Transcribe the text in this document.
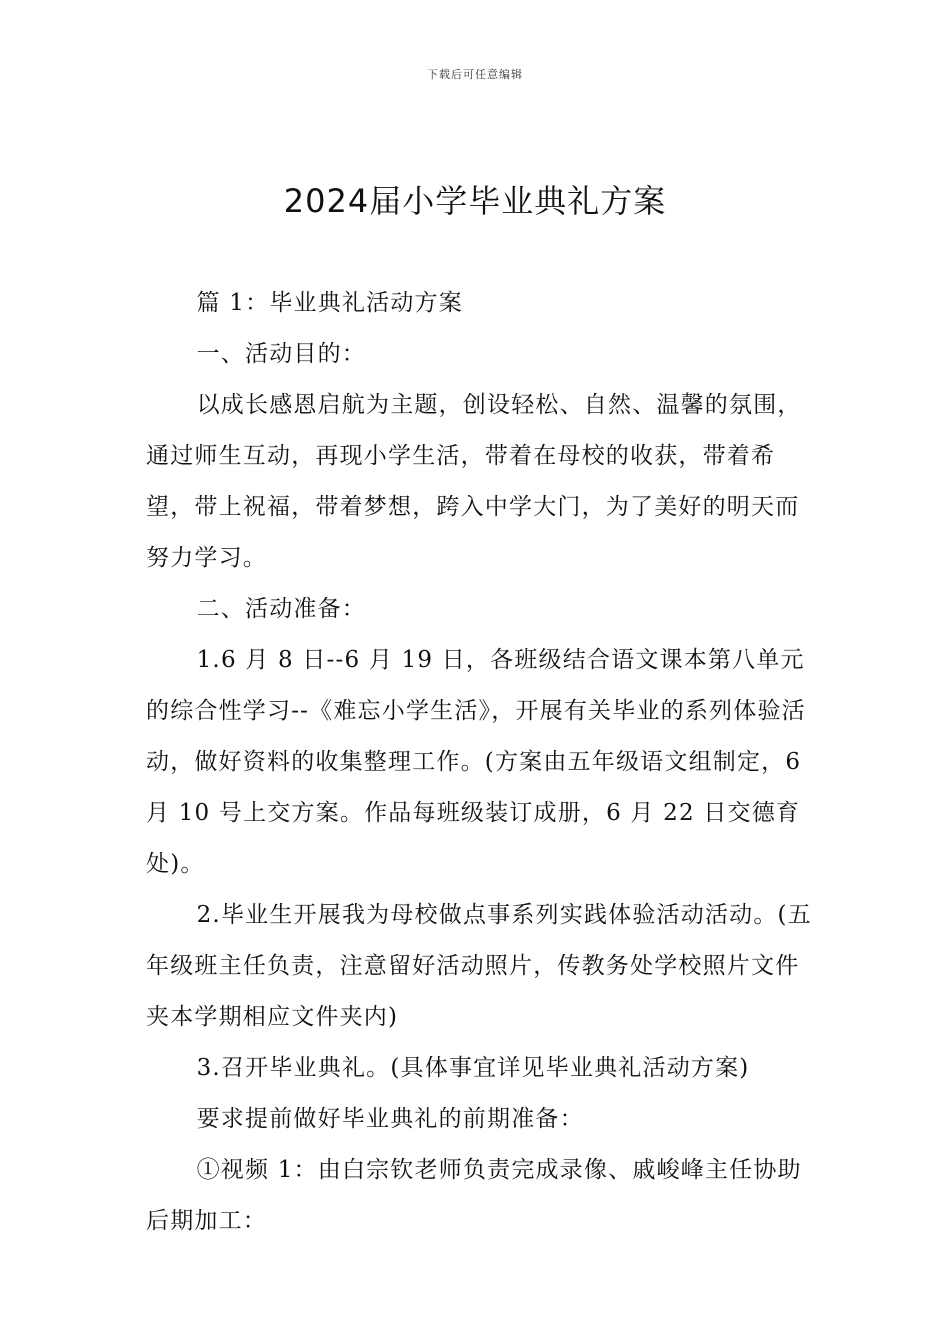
下载后可任意编辑
2024届小学毕业典礼方案

篇 1：毕业典礼活动方案

一、活动目的：

以成长感恩启航为主题，创设轻松、自然、温馨的氛围，通过师生互动，再现小学生活，带着在母校的收获，带着希望，带上祝福，带着梦想，跨入中学大门，为了美好的明天而努力学习。

二、活动准备：

1.6 月 8 日--6 月 19 日，各班级结合语文课本第八单元的综合性学习--《难忘小学生活》，开展有关毕业的系列体验活动，做好资料的收集整理工作。(方案由五年级语文组制定，6 月 10 号上交方案。作品每班级装订成册，6 月 22 日交德育处)。

2.毕业生开展我为母校做点事系列实践体验活动活动。(五年级班主任负责，注意留好活动照片，传教务处学校照片文件夹本学期相应文件夹内)

3.召开毕业典礼。(具体事宜详见毕业典礼活动方案)

要求提前做好毕业典礼的前期准备：

①视频 1：由白宗钦老师负责完成录像、戚峻峰主任协助后期加工：
